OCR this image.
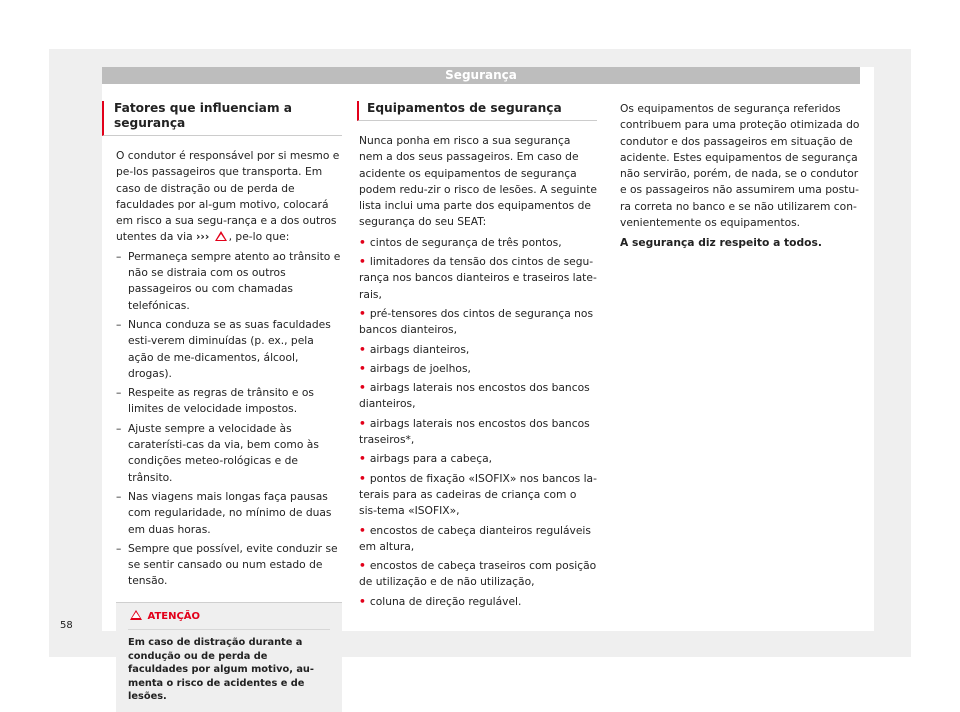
Segurança
Fatores que influenciam a segurança

O condutor é responsável por si mesmo e pe-los passageiros que transporta. Em caso de distração ou de perda de faculdades por al-gum motivo, colocará em risco a sua segu-rança e a dos outros utentes da via ››› , pe-lo que:

– Permaneça sempre atento ao trânsito e não se distraia com os outros passageiros ou com chamadas telefónicas.
– Nunca conduza se as suas faculdades esti-verem diminuídas (p. ex., pela ação de me-dicamentos, álcool, drogas).
– Respeite as regras de trânsito e os limites de velocidade impostos.
– Ajuste sempre a velocidade às caraterísti-cas da via, bem como às condições meteo-rológicas e de trânsito.
– Nas viagens mais longas faça pausas com regularidade, no mínimo de duas em duas horas.
– Sempre que possível, evite conduzir se se sentir cansado ou num estado de tensão.
ATENÇÃO
Em caso de distração durante a condução ou de perda de faculdades por algum motivo, au-menta o risco de acidentes e de lesões.
Equipamentos de segurança

Nunca ponha em risco a sua segurança nem a dos seus passageiros. Em caso de acidente os equipamentos de segurança podem redu-zir o risco de lesões. A seguinte lista inclui uma parte dos equipamentos de segurança do seu SEAT:

• cintos de segurança de três pontos,
• limitadores da tensão dos cintos de segu-rança nos bancos dianteiros e traseiros late-rais,
• pré-tensores dos cintos de segurança nos bancos dianteiros,
• airbags dianteiros,
• airbags de joelhos,
• airbags laterais nos encostos dos bancos dianteiros,
• airbags laterais nos encostos dos bancos traseiros*,
• airbags para a cabeça,
• pontos de fixação «ISOFIX» nos bancos la-terais para as cadeiras de criança com o sis-tema «ISOFIX»,
• encostos de cabeça dianteiros reguláveis em altura,
• encostos de cabeça traseiros com posição de utilização e de não utilização,
• coluna de direção regulável.

Os equipamentos de segurança referidos contribuem para uma proteção otimizada do condutor e dos passageiros em situação de acidente. Estes equipamentos de segurança não servirão, porém, de nada, se o condutor e os passageiros não assumirem uma postu-ra correta no banco e se não utilizarem con-venientemente os equipamentos.

A segurança diz respeito a todos.

58
